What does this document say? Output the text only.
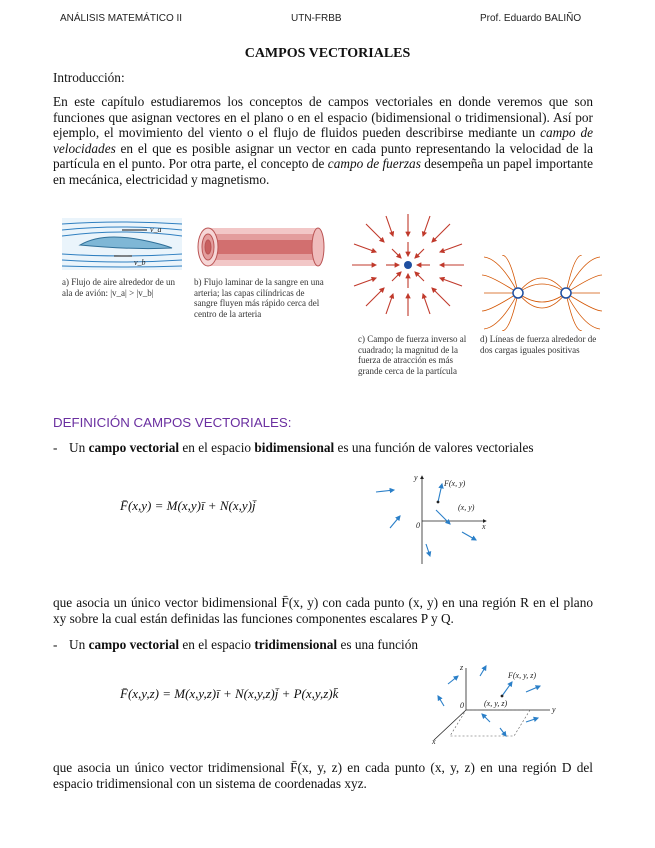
ANÁLISIS MATEMÁTICO II	UTN-FRBB	Prof. Eduardo BALIÑO
CAMPOS VECTORIALES
Introducción:
En este capítulo estudiaremos los conceptos de campos vectoriales en donde veremos que son funciones que asignan vectores en el plano o en el espacio (bidimensional o tridimensional). Así por ejemplo, el movimiento del viento o el flujo de fluidos pueden describirse mediante un campo de velocidades en el que es posible asignar un vector en cada punto representando la velocidad de la partícula en el punto. Por otra parte, el concepto de campo de fuerzas desempeña un papel importante en mecánica, electricidad y magnetismo.
v_a
v_b
a) Flujo de aire alrededor de un ala de avión: |v_a| > |v_b|
b) Flujo laminar de la sangre en una arteria; las capas cilíndricas de sangre fluyen más rápido cerca del centro de la arteria
c) Campo de fuerza inverso al cuadrado; la magnitud de la fuerza de atracción es más grande cerca de la partícula
d) Líneas de fuerza alrededor de dos cargas iguales positivas
DEFINICIÓN CAMPOS VECTORIALES:
- Un campo vectorial en el espacio bidimensional es una función de valores vectoriales
F̄(x,y) = M(x,y)ī + N(x,y)j̄
y
x
0
F(x, y)
(x, y)
que asocia un único vector bidimensional F̄(x, y) con cada punto (x, y) en una región R en el plano xy sobre la cual están definidas las funciones componentes escalares P y Q.
- Un campo vectorial en el espacio tridimensional es una función
F̄(x,y,z) = M(x,y,z)ī + N(x,y,z)j̄ + P(x,y,z)k̄
z
y
x
0
F(x, y, z)
(x, y, z)
que asocia un único vector tridimensional F̄(x, y, z) en cada punto (x, y, z) en una región D del espacio tridimensional con un sistema de coordenadas xyz.
